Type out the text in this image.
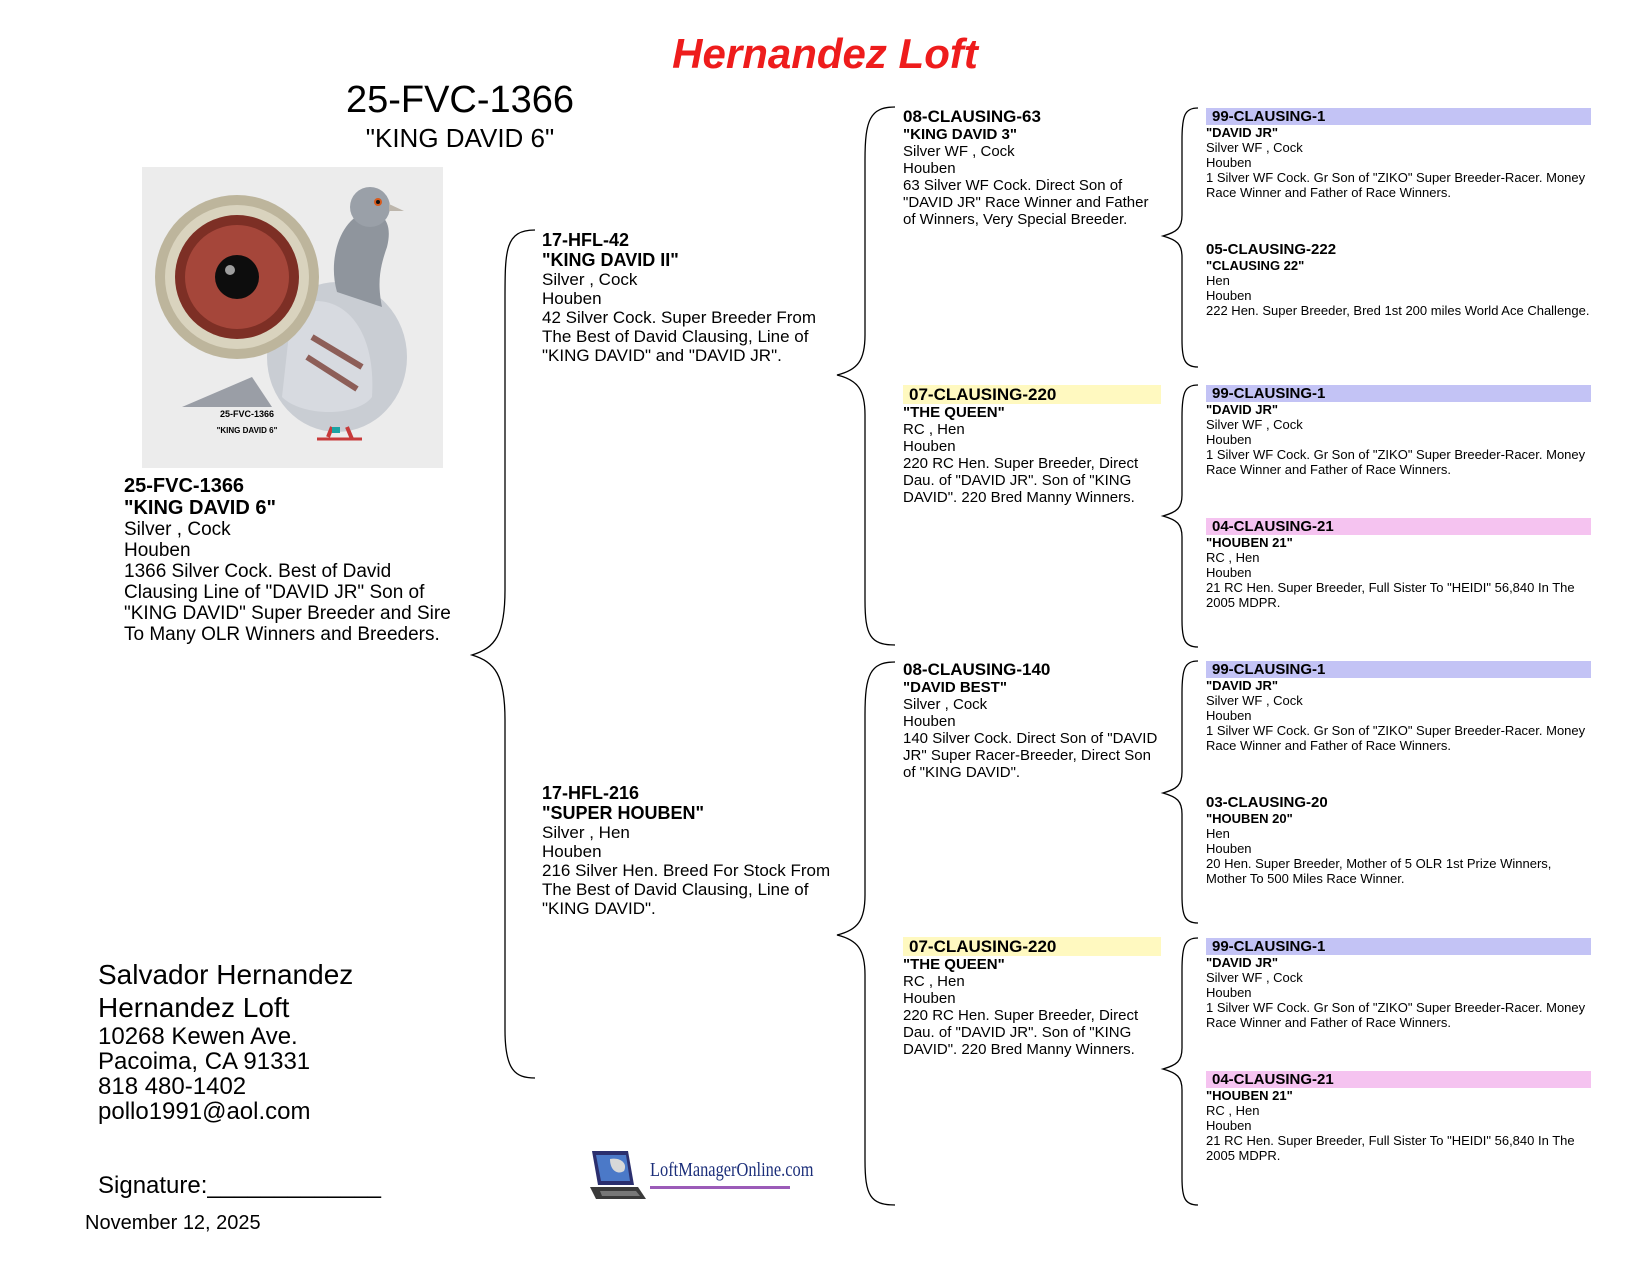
Hernandez Loft
25-FVC-1366
"KING DAVID 6"
25-FVC-1366
"KING DAVID 6"

25-FVC-1366

"KING DAVID 6"

Silver , Cock

Houben

1366 Silver Cock. Best of David Clausing Line of "DAVID JR" Son of "KING DAVID" Super Breeder and Sire To Many OLR Winners and Breeders.

17-HFL-42

"KING DAVID II"

Silver , Cock

Houben

42 Silver Cock. Super Breeder From The Best of David Clausing, Line of "KING DAVID" and "DAVID JR".

17-HFL-216

"SUPER HOUBEN"

Silver , Hen

Houben

216 Silver Hen. Breed For Stock From The Best of David Clausing, Line of "KING DAVID".

08-CLAUSING-63

"KING DAVID 3"

Silver WF , Cock

Houben

63 Silver WF Cock. Direct Son of "DAVID JR" Race Winner and Father of Winners, Very Special Breeder.

07-CLAUSING-220

"THE QUEEN"

RC , Hen

Houben

220 RC Hen. Super Breeder, Direct Dau. of "DAVID JR". Son of "KING DAVID". 220 Bred Manny Winners.

08-CLAUSING-140

"DAVID BEST"

Silver , Cock

Houben

140 Silver Cock. Direct Son of "DAVID JR" Super Racer-Breeder, Direct Son of "KING DAVID".

07-CLAUSING-220

"THE QUEEN"

RC , Hen

Houben

220 RC Hen. Super Breeder, Direct Dau. of "DAVID JR". Son of "KING DAVID". 220 Bred Manny Winners.

99-CLAUSING-1

"DAVID JR"

Silver WF , Cock

Houben

1 Silver WF Cock. Gr Son of "ZIKO" Super Breeder-Racer. Money Race Winner and Father of Race Winners.

05-CLAUSING-222

"CLAUSING 22"

Hen

Houben

222 Hen. Super Breeder, Bred 1st 200 miles World Ace Challenge.

99-CLAUSING-1

"DAVID JR"

Silver WF , Cock

Houben

1 Silver WF Cock. Gr Son of "ZIKO" Super Breeder-Racer. Money Race Winner and Father of Race Winners.

04-CLAUSING-21

"HOUBEN 21"

RC , Hen

Houben

21 RC Hen. Super Breeder, Full Sister To "HEIDI" 56,840 In The 2005 MDPR.

99-CLAUSING-1

"DAVID JR"

Silver WF , Cock

Houben

1 Silver WF Cock. Gr Son of "ZIKO" Super Breeder-Racer. Money Race Winner and Father of Race Winners.

03-CLAUSING-20

"HOUBEN 20"

Hen

Houben

20 Hen. Super Breeder, Mother of 5 OLR 1st Prize Winners, Mother To 500 Miles Race Winner.

99-CLAUSING-1

"DAVID JR"

Silver WF , Cock

Houben

1 Silver WF Cock. Gr Son of "ZIKO" Super Breeder-Racer. Money Race Winner and Father of Race Winners.

04-CLAUSING-21

"HOUBEN 21"

RC , Hen

Houben

21 RC Hen. Super Breeder, Full Sister To "HEIDI" 56,840 In The 2005 MDPR.

Salvador Hernandez
Hernandez Loft
10268 Kewen Ave.
Pacoima, CA 91331
818 480-1402
pollo1991@aol.com
Signature:_____________
November 12, 2025
LoftManagerOnline.com
